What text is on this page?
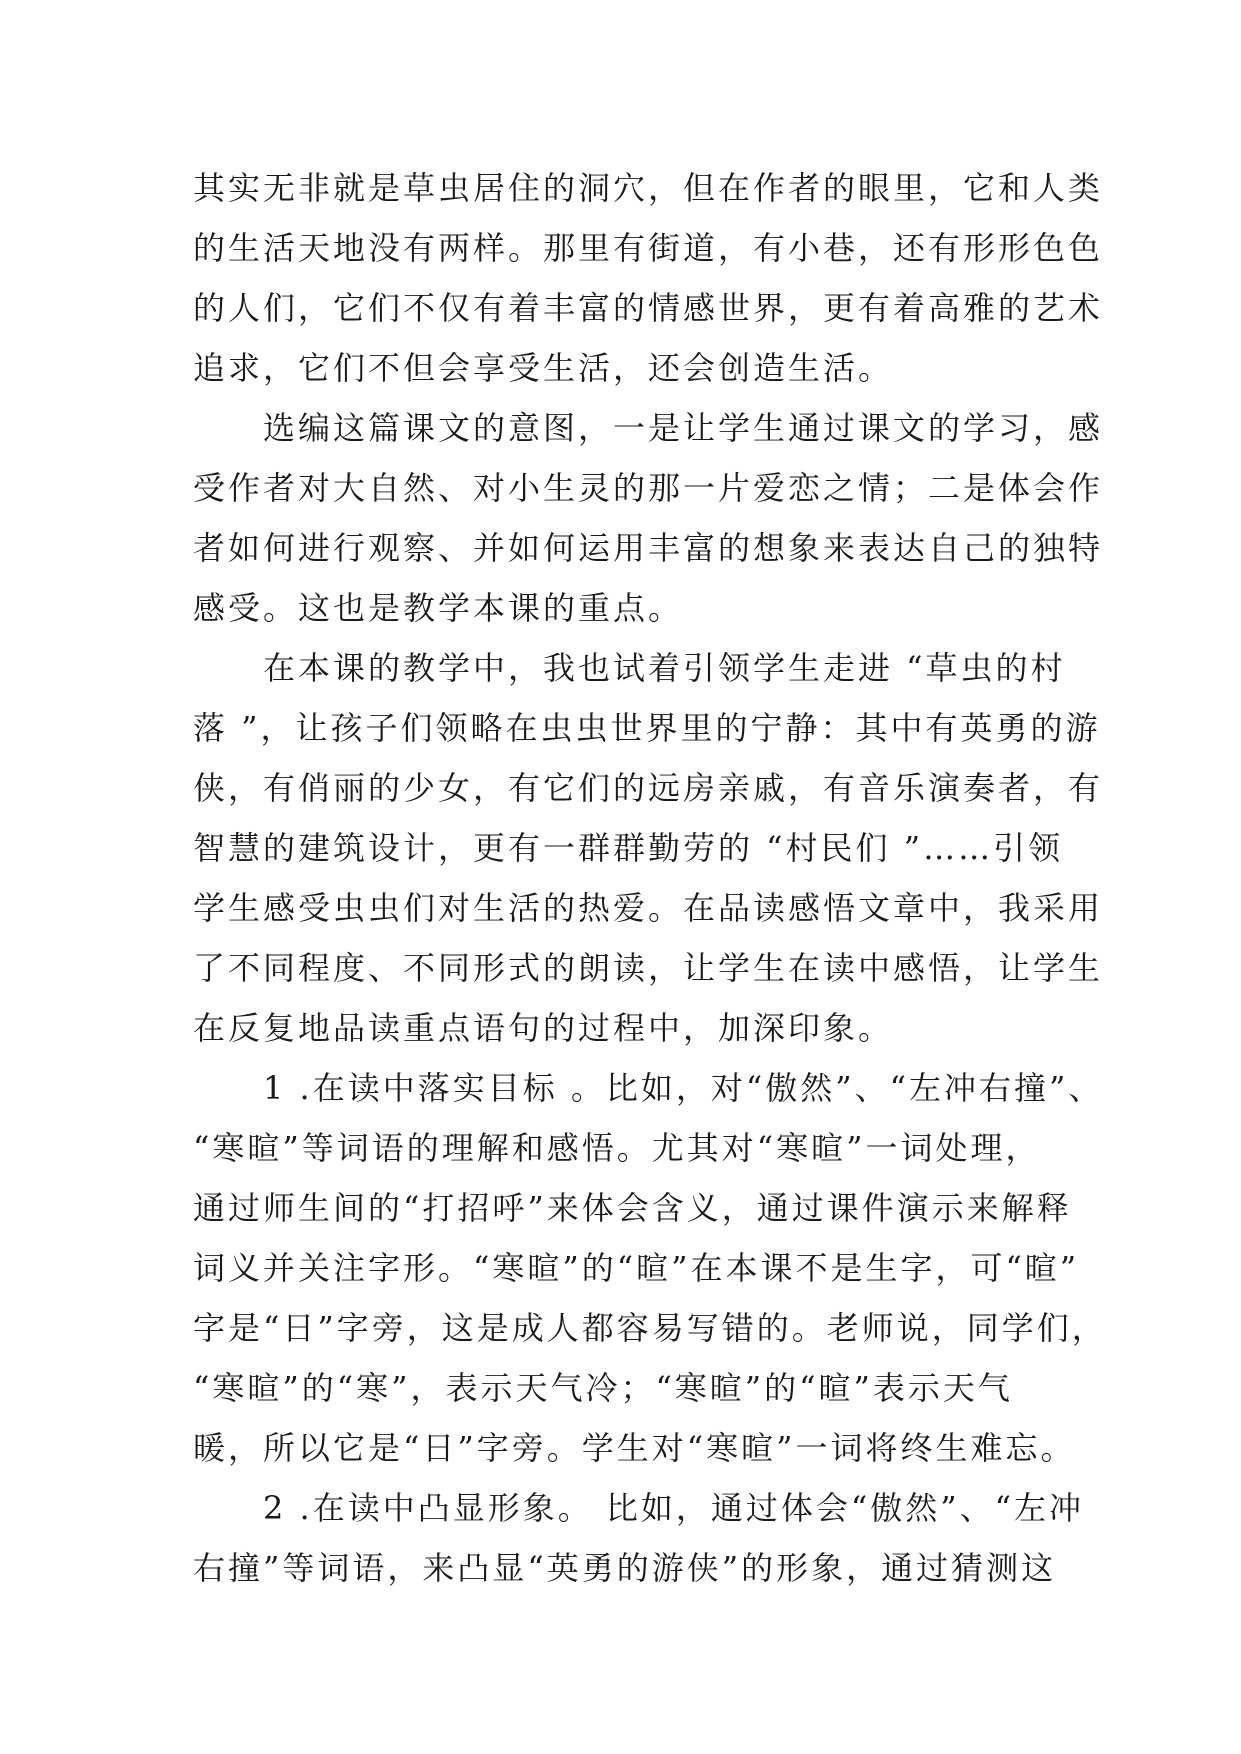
其实无非就是草虫居住的洞穴，但在作者的眼里，它和人类
的生活天地没有两样。那里有街道，有小巷，还有形形色色
的人们，它们不仅有着丰富的情感世界，更有着高雅的艺术
追求，它们不但会享受生活，还会创造生活。
　　选编这篇课文的意图，一是让学生通过课文的学习，感
受作者对大自然、对小生灵的那一片爱恋之情；二是体会作
者如何进行观察、并如何运用丰富的想象来表达自己的独特
感受。这也是教学本课的重点。
　　在本课的教学中，我也试着引领学生走进 “草虫的村
落 ”，让孩子们领略在虫虫世界里的宁静：其中有英勇的游
侠，有俏丽的少女，有它们的远房亲戚，有音乐演奏者，有
智慧的建筑设计，更有一群群勤劳的 “村民们 ”……引领
学生感受虫虫们对生活的热爱。在品读感悟文章中，我采用
了不同程度、不同形式的朗读，让学生在读中感悟，让学生
在反复地品读重点语句的过程中，加深印象。
　　1 .在读中落实目标 。比如，对“傲然”、“左冲右撞”、
“寒暄”等词语的理解和感悟。尤其对“寒暄”一词处理，
通过师生间的“打招呼”来体会含义，通过课件演示来解释
词义并关注字形。“寒暄”的“暄”在本课不是生字，可“暄”
字是“日”字旁，这是成人都容易写错的。老师说，同学们，
“寒暄”的“寒”，表示天气冷；“寒暄”的“暄”表示天气
暖，所以它是“日”字旁。学生对“寒暄”一词将终生难忘。
　　2 .在读中凸显形象。 比如，通过体会“傲然”、“左冲
右撞”等词语，来凸显“英勇的游侠”的形象，通过猜测这
